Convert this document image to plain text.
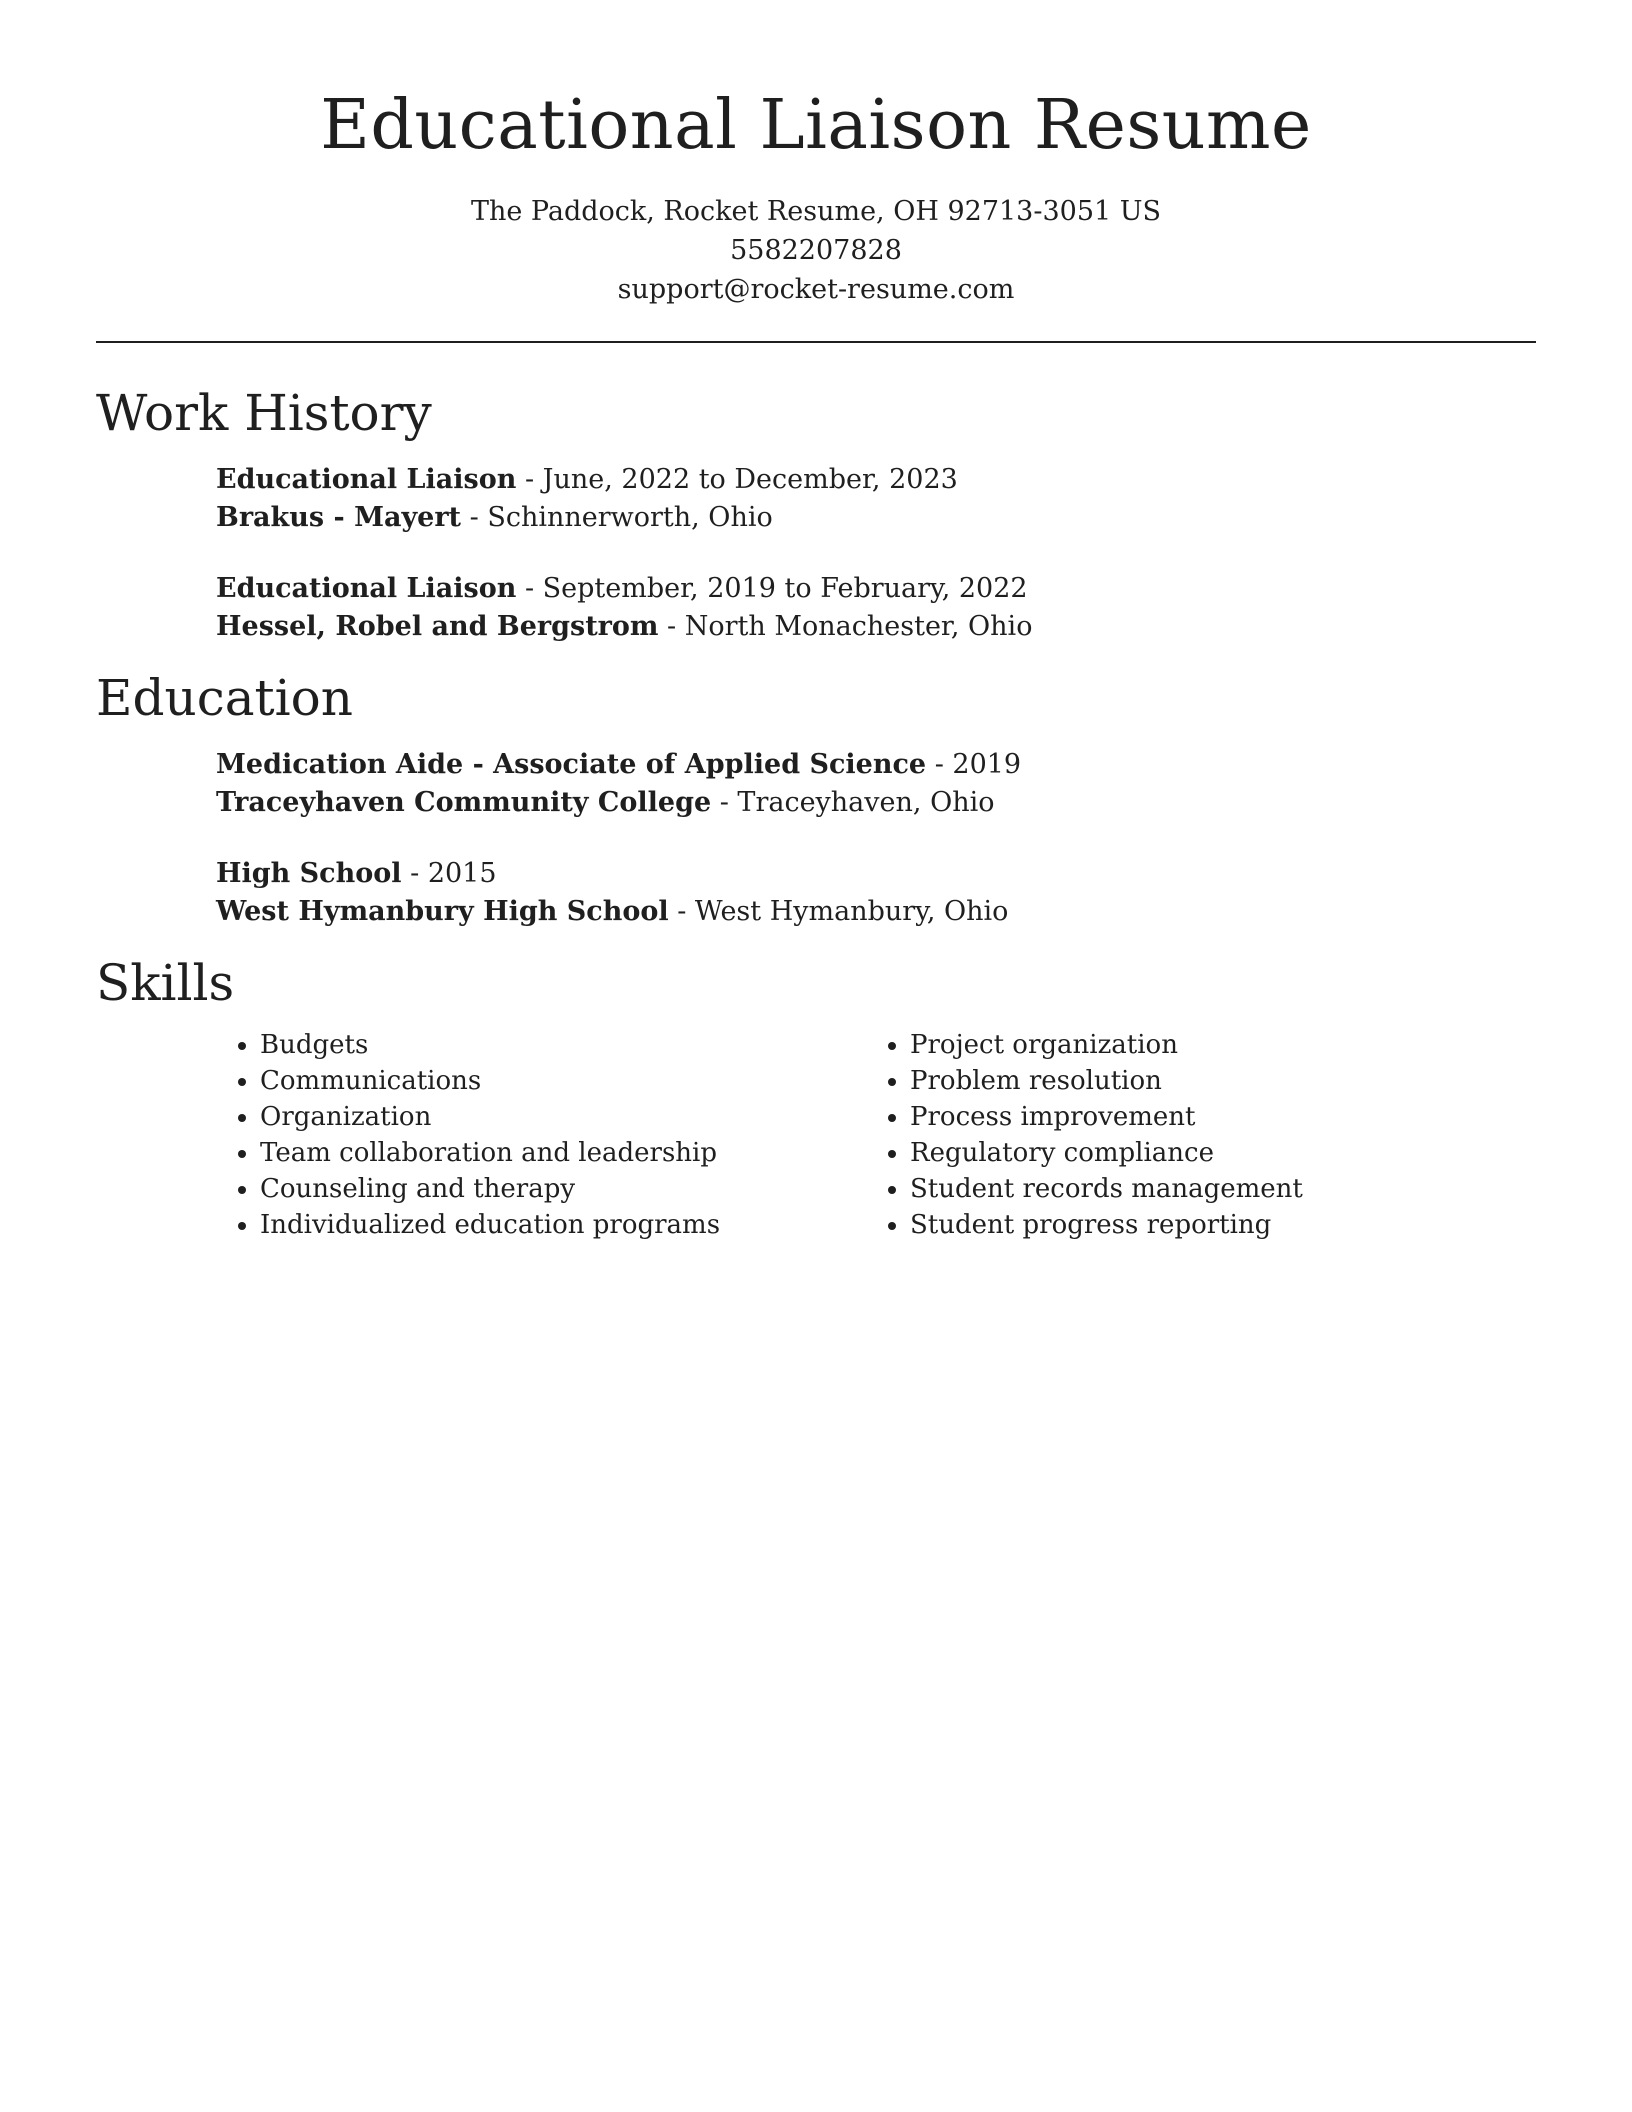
Educational Liaison Resume
The Paddock, Rocket Resume, OH 92713-3051 US
5582207828
support@rocket-resume.com
Work History
Educational Liaison - June, 2022 to December, 2023
Brakus - Mayert - Schinnerworth, Ohio
Educational Liaison - September, 2019 to February, 2022
Hessel, Robel and Bergstrom - North Monachester, Ohio
Education
Medication Aide - Associate of Applied Science - 2019
Traceyhaven Community College - Traceyhaven, Ohio
High School - 2015
West Hymanbury High School - West Hymanbury, Ohio
Skills
• Budgets
• Communications
• Organization
• Team collaboration and leadership
• Counseling and therapy
• Individualized education programs
• Project organization
• Problem resolution
• Process improvement
• Regulatory compliance
• Student records management
• Student progress reporting
